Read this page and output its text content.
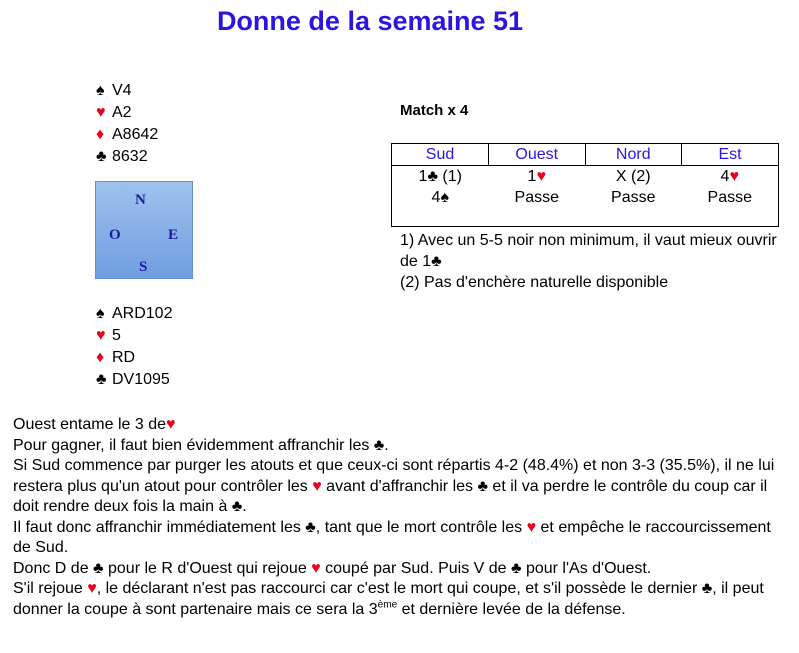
Donne de la semaine 51
♠ V4
♥ A2
♦ A8642
♣ 8632
N
O	E
S
♠ ARD102
♥ 5
♦ RD
♣ DV1095
Match x 4
Sud	Ouest	Nord	Est
1♣ (1)	1♥	X (2)	4♥
4♠	Passe	Passe	Passe
1) Avec un 5-5 noir non minimum, il vaut mieux ouvrir de 1♣
(2) Pas d'enchère naturelle disponible

Ouest entame le 3 de♥

Pour gagner, il faut bien évidemment affranchir les ♣.

Si Sud commence par purger les atouts et que ceux-ci sont répartis 4-2 (48.4%) et non 3-3 (35.5%), il ne lui restera plus qu'un atout pour contrôler les ♥ avant d'affranchir les ♣ et il va perdre le contrôle du coup car il doit rendre deux fois la main à ♣.

Il faut donc affranchir immédiatement les ♣, tant que le mort contrôle les ♥ et empêche le raccourcissement de Sud.

Donc D de ♣ pour le R d'Ouest qui rejoue ♥ coupé par Sud. Puis V de ♣ pour l'As d'Ouest.

S'il rejoue ♥, le déclarant n'est pas raccourci car c'est le mort qui coupe, et s'il possède le dernier ♣, il peut donner la coupe à sont partenaire mais ce sera la 3ème et dernière levée de la défense.
